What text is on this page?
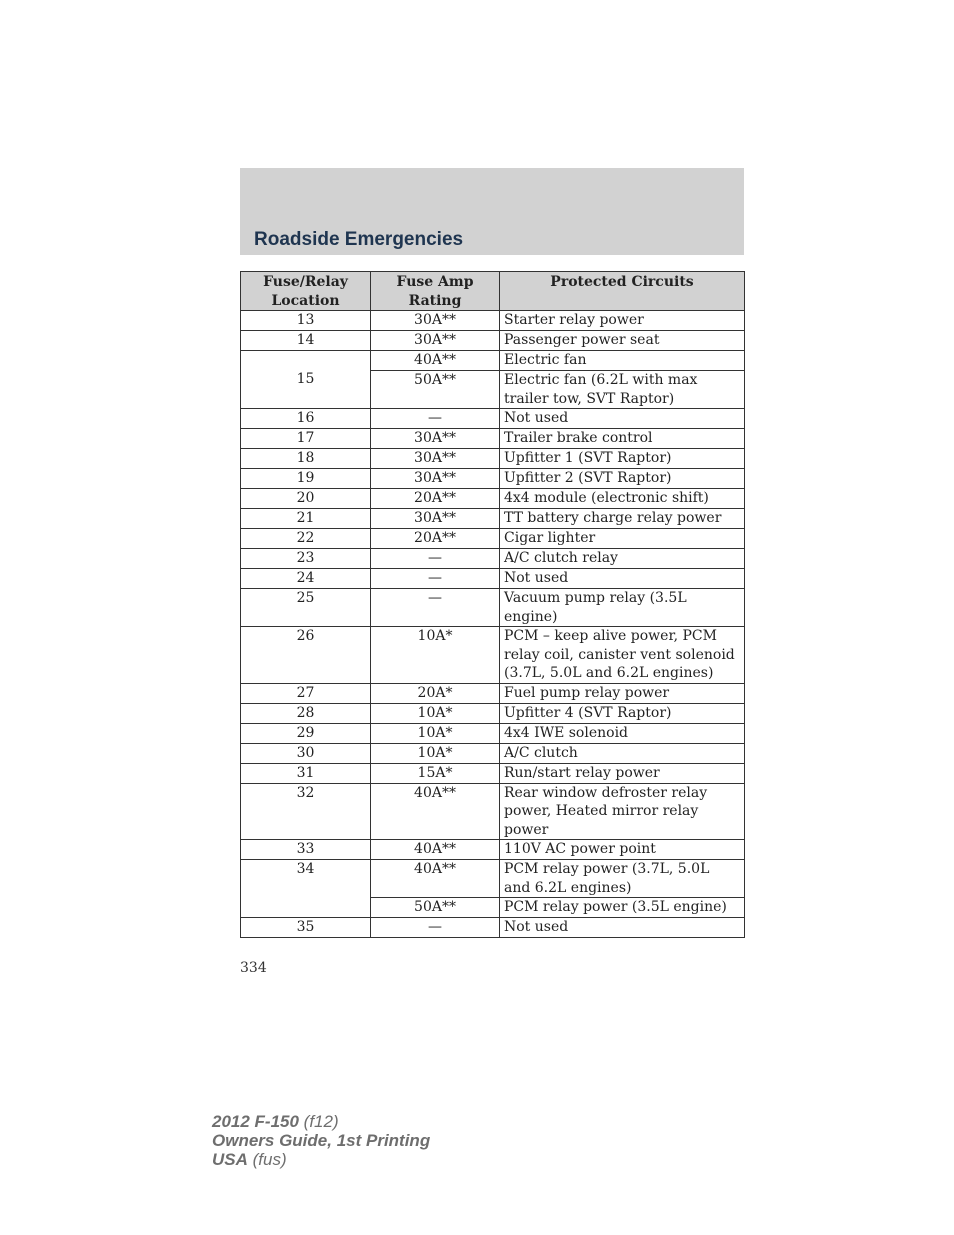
Roadside Emergencies
Fuse/Relay Location	Fuse Amp Rating	Protected Circuits
13	30A**	Starter relay power
14	30A**	Passenger power seat
15	40A**	Electric fan
	50A**	Electric fan (6.2L with max trailer tow, SVT Raptor)
16	—	Not used
17	30A**	Trailer brake control
18	30A**	Upfitter 1 (SVT Raptor)
19	30A**	Upfitter 2 (SVT Raptor)
20	20A**	4x4 module (electronic shift)
21	30A**	TT battery charge relay power
22	20A**	Cigar lighter
23	—	A/C clutch relay
24	—	Not used
25	—	Vacuum pump relay (3.5L engine)
26	10A*	PCM – keep alive power, PCM relay coil, canister vent solenoid (3.7L, 5.0L and 6.2L engines)
27	20A*	Fuel pump relay power
28	10A*	Upfitter 4 (SVT Raptor)
29	10A*	4x4 IWE solenoid
30	10A*	A/C clutch
31	15A*	Run/start relay power
32	40A**	Rear window defroster relay power, Heated mirror relay power
33	40A**	110V AC power point
34	40A**	PCM relay power (3.7L, 5.0L and 6.2L engines)
	50A**	PCM relay power (3.5L engine)
35	—	Not used
334
2012 F-150 (f12)
Owners Guide, 1st Printing
USA (fus)
